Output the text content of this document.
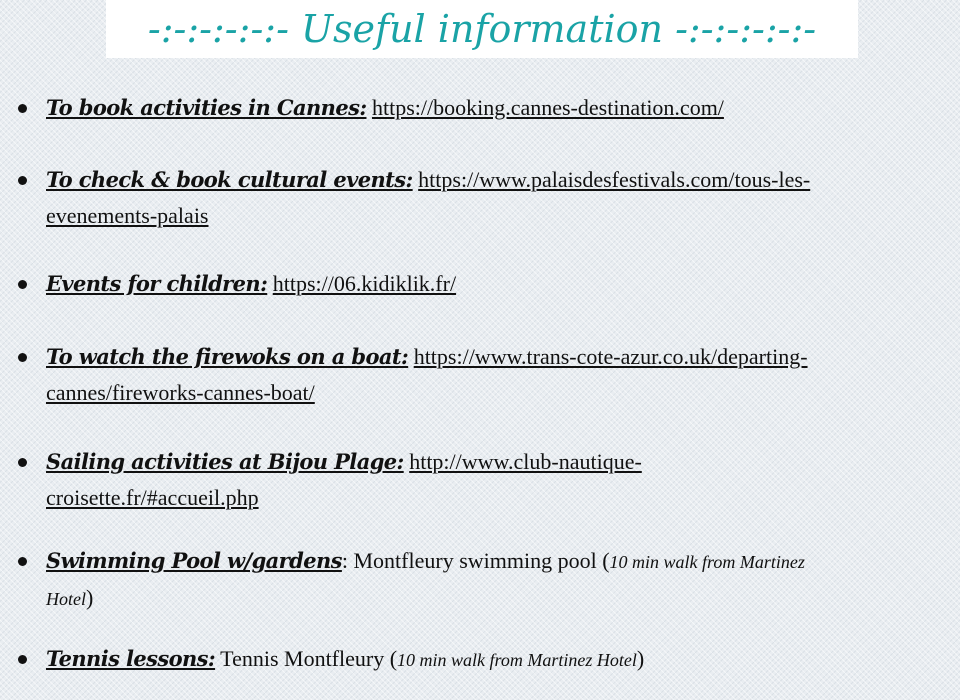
-:-:-:-:-:- Useful information -:-:-:-:-:-
To book activities in Cannes: https://booking.cannes-destination.com/
To check & book cultural events: https://www.palaisdesfestivals.com/tous-les-
evenements-palais
Events for children: https://06.kidiklik.fr/
To watch the firewoks on a boat: https://www.trans-cote-azur.co.uk/departing-
cannes/fireworks-cannes-boat/
Sailing activities at Bijou Plage: http://www.club-nautique-
croisette.fr/#accueil.php
Swimming Pool w/gardens: Montfleury swimming pool (10 min walk from Martinez
Hotel)
Tennis lessons: Tennis Montfleury (10 min walk from Martinez Hotel)
